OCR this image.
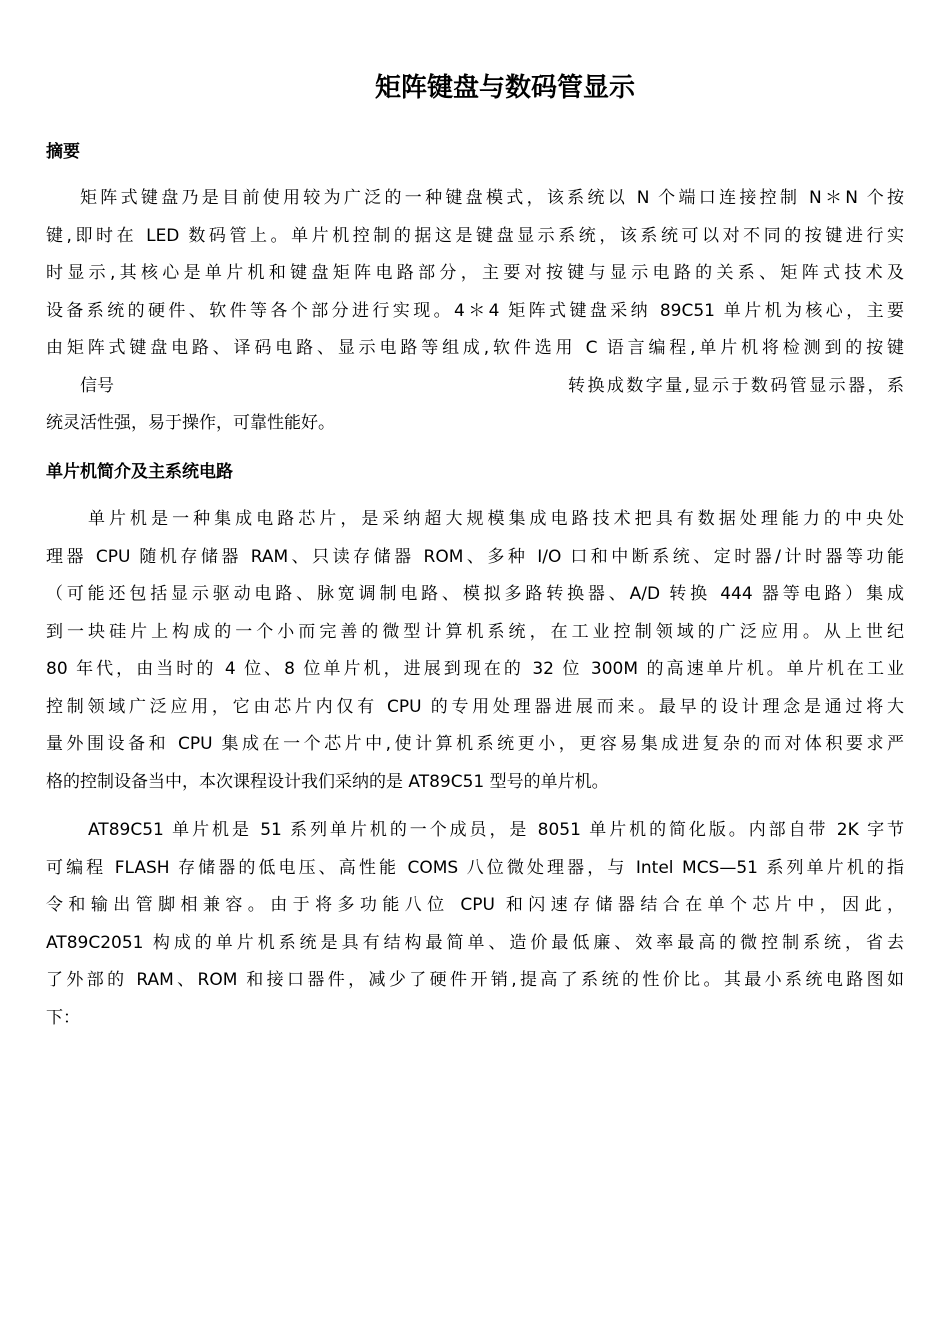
矩阵键盘与数码管显示
摘要
矩阵式键盘乃是目前使用较为广泛的一种键盘模式，该系统以 N 个端口连接控制 N＊N 个按
键,即时在 LED 数码管上。单片机控制的据这是键盘显示系统，该系统可以对不同的按键进行实
时显示,其核心是单片机和键盘矩阵电路部分，主要对按键与显示电路的关系、矩阵式技术及
设备系统的硬件、软件等各个部分进行实现。4＊4 矩阵式键盘采纳 89C51 单片机为核心，主要
由矩阵式键盘电路、译码电路、显示电路等组成,软件选用 C 语言编程,单片机将检测到的按键
信号	转换成数字量,显示于数码管显示器，系
统灵活性强，易于操作，可靠性能好。
单片机简介及主系统电路
单片机是一种集成电路芯片，是采纳超大规模集成电路技术把具有数据处理能力的中央处
理器 CPU 随机存储器 RAM、只读存储器 ROM、多种 I/O 口和中断系统、定时器/计时器等功能
（可能还包括显示驱动电路、脉宽调制电路、模拟多路转换器、A/D 转换 444 器等电路）集成
到一块硅片上构成的一个小而完善的微型计算机系统，在工业控制领域的广泛应用。从上世纪
80 年代，由当时的 4 位、8 位单片机，进展到现在的 32 位 300M 的高速单片机。单片机在工业
控制领域广泛应用，它由芯片内仅有 CPU 的专用处理器进展而来。最早的设计理念是通过将大
量外围设备和 CPU 集成在一个芯片中,使计算机系统更小，更容易集成进复杂的而对体积要求严
格的控制设备当中，本次课程设计我们采纳的是 AT89C51 型号的单片机。
AT89C51 单片机是 51 系列单片机的一个成员，是 8051 单片机的简化版。内部自带 2K 字节
可编程 FLASH 存储器的低电压、高性能 COMS 八位微处理器，与 Intel MCS—51 系列单片机的指
令和输出管脚相兼容。由于将多功能八位 CPU 和闪速存储器结合在单个芯片中，因此，
AT89C2051 构成的单片机系统是具有结构最简单、造价最低廉、效率最高的微控制系统，省去
了外部的 RAM、ROM 和接口器件，减少了硬件开销,提高了系统的性价比。其最小系统电路图如
下：
